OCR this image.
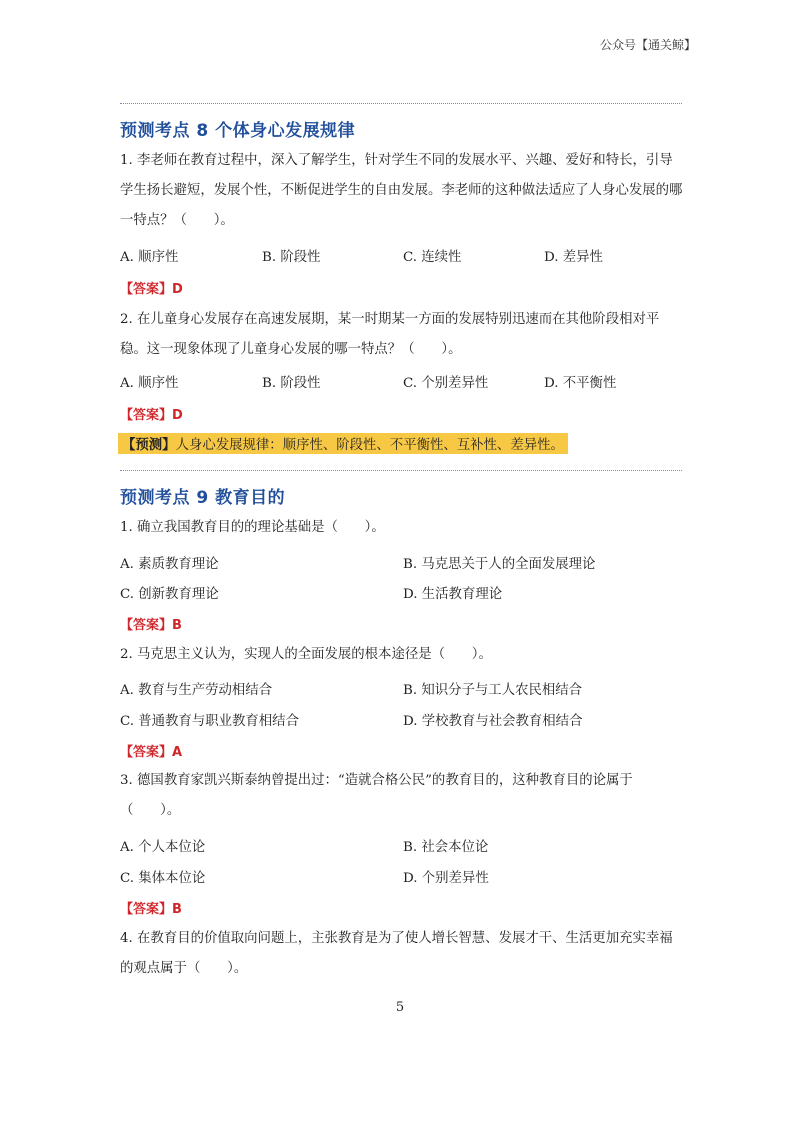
公众号【通关鲸】
预测考点 8 个体身心发展规律
1. 李老师在教育过程中，深入了解学生，针对学生不同的发展水平、兴趣、爱好和特长，引导学生扬长避短，发展个性，不断促进学生的自由发展。李老师的这种做法适应了人身心发展的哪一特点？（　　）。
A. 顺序性	B. 阶段性	C. 连续性	D. 差异性
【答案】D
2. 在儿童身心发展存在高速发展期，某一时期某一方面的发展特别迅速而在其他阶段相对平稳。这一现象体现了儿童身心发展的哪一特点？（　　）。
A. 顺序性	B. 阶段性	C. 个别差异性	D. 不平衡性
【答案】D
【预测】人身心发展规律：顺序性、阶段性、不平衡性、互补性、差异性。
预测考点 9 教育目的
1. 确立我国教育目的的理论基础是（　　）。
A. 素质教育理论	B. 马克思关于人的全面发展理论
C. 创新教育理论	D. 生活教育理论
【答案】B
2. 马克思主义认为，实现人的全面发展的根本途径是（　　）。
A. 教育与生产劳动相结合	B. 知识分子与工人农民相结合
C. 普通教育与职业教育相结合	D. 学校教育与社会教育相结合
【答案】A
3. 德国教育家凯兴斯泰纳曾提出过：“造就合格公民”的教育目的，这种教育目的论属于（　　）。
A. 个人本位论	B. 社会本位论
C. 集体本位论	D. 个别差异性
【答案】B
4. 在教育目的价值取向问题上，主张教育是为了使人增长智慧、发展才干、生活更加充实幸福的观点属于（　　）。
5
